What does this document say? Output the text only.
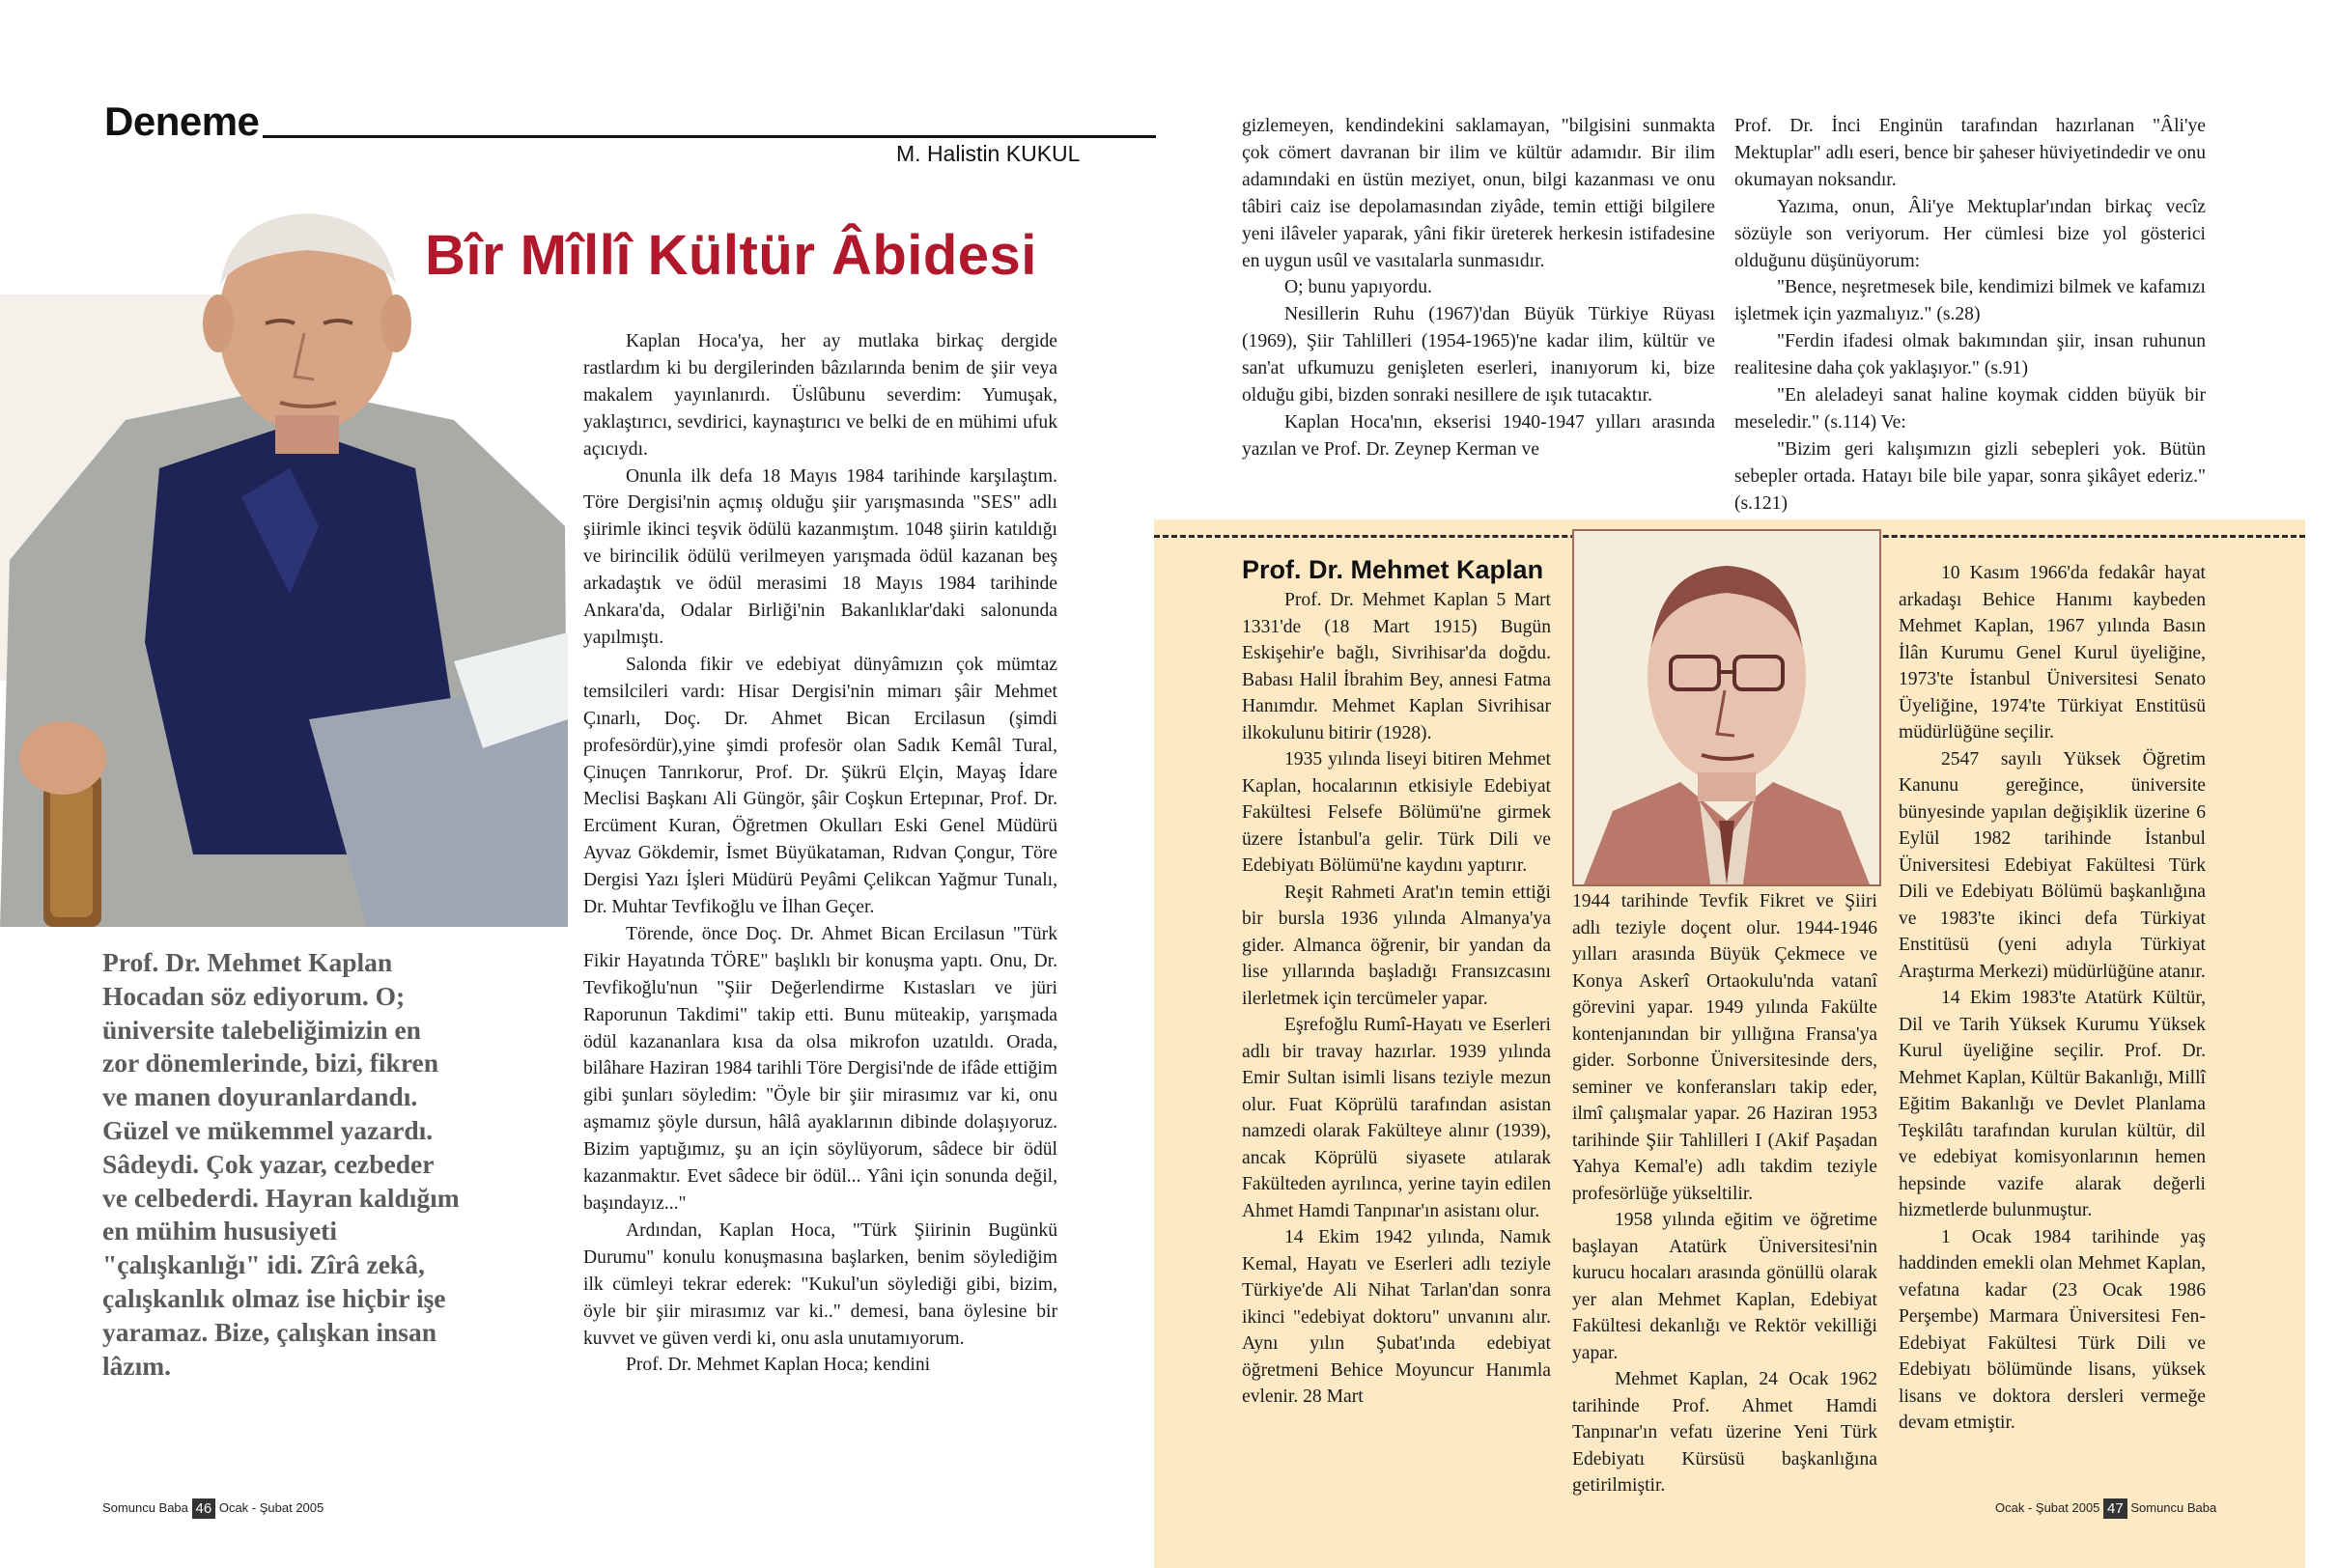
Deneme
M. Halistin KUKUL
Bîr Mîllî Kültür Âbidesi
Prof. Dr. Mehmet Kaplan Hocadan söz ediyorum. O; üniversite talebeliğimizin en zor dönemlerinde, bizi, fikren ve manen doyuranlardandı. Güzel ve mükemmel yazardı. Sâdeydi. Çok yazar, cezbeder ve celbederdi. Hayran kaldığım en mühim hususiyeti "çalışkanlığı" idi. Zîrâ zekâ, çalışkanlık olmaz ise hiçbir işe yaramaz. Bize, çalışkan insan lâzım.

Kaplan Hoca'ya, her ay mutlaka birkaç dergide rastlardım ki bu dergilerinden bâzılarında benim de şiir veya makalem yayınlanırdı. Üslûbunu severdim: Yumuşak, yaklaştırıcı, sevdirici, kaynaştırıcı ve belki de en mühimi ufuk açıcıydı.

Onunla ilk defa 18 Mayıs 1984 tarihinde karşılaştım. Töre Dergisi'nin açmış olduğu şiir yarışmasında "SES" adlı şiirimle ikinci teşvik ödülü kazanmıştım. 1048 şiirin katıldığı ve birincilik ödülü verilmeyen yarışmada ödül kazanan beş arkadaştık ve ödül merasimi 18 Mayıs 1984 tarihinde Ankara'da, Odalar Birliği'nin Bakanlıklar'daki salonunda yapılmıştı.

Salonda fikir ve edebiyat dünyâmızın çok mümtaz temsilcileri vardı: Hisar Dergisi'nin mimarı şâir Mehmet Çınarlı, Doç. Dr. Ahmet Bican Ercilasun (şimdi profesördür),yine şimdi profesör olan Sadık Kemâl Tural, Çinuçen Tanrıkorur, Prof. Dr. Şükrü Elçin, Mayaş İdare Meclisi Başkanı Ali Güngör, şâir Coşkun Ertepınar, Prof. Dr. Ercüment Kuran, Öğretmen Okulları Eski Genel Müdürü Ayvaz Gökdemir, İsmet Büyükataman, Rıdvan Çongur, Töre Dergisi Yazı İşleri Müdürü Peyâmi Çelikcan Yağmur Tunalı, Dr. Muhtar Tevfikoğlu ve İlhan Geçer.

Törende, önce Doç. Dr. Ahmet Bican Ercilasun "Türk Fikir Hayatında TÖRE" başlıklı bir konuşma yaptı. Onu, Dr. Tevfikoğlu'nun "Şiir Değerlendirme Kıstasları ve jüri Raporunun Takdimi" takip etti. Bunu müteakip, yarışmada ödül kazananlara kısa da olsa mikrofon uzatıldı. Orada, bilâhare Haziran 1984 tarihli Töre Dergisi'nde de ifâde ettiğim gibi şunları söyledim: "Öyle bir şiir mirasımız var ki, onu aşmamız şöyle dursun, hâlâ ayaklarının dibinde dolaşıyoruz. Bizim yaptığımız, şu an için söylüyorum, sâdece bir ödül kazanmaktır. Evet sâdece bir ödül... Yâni için sonunda değil, başındayız..."

Ardından, Kaplan Hoca, "Türk Şiirinin Bugünkü Durumu" konulu konuşmasına başlarken, benim söylediğim ilk cümleyi tekrar ederek: "Kukul'un söylediği gibi, bizim, öyle bir şiir mirasımız var ki.." demesi, bana öylesine bir kuvvet ve güven verdi ki, onu asla unutamıyorum.

Prof. Dr. Mehmet Kaplan Hoca; kendini

Somuncu Baba 46 Ocak - Şubat 2005

gizlemeyen, kendindekini saklamayan, "bilgisini sunmakta çok cömert davranan bir ilim ve kültür adamıdır. Bir ilim adamındaki en üstün meziyet, onun, bilgi kazanması ve onu tâbiri caiz ise depolamasından ziyâde, temin ettiği bilgilere yeni ilâveler yaparak, yâni fikir üreterek herkesin istifadesine en uygun usûl ve vasıtalarla sunmasıdır.

O; bunu yapıyordu.

Nesillerin Ruhu (1967)'dan Büyük Türkiye Rüyası (1969), Şiir Tahlilleri (1954-1965)'ne kadar ilim, kültür ve san'at ufkumuzu genişleten eserleri, inanıyorum ki, bize olduğu gibi, bizden sonraki nesillere de ışık tutacaktır.

Kaplan Hoca'nın, ekserisi 1940-1947 yılları arasında yazılan ve Prof. Dr. Zeynep Kerman ve

Prof. Dr. İnci Enginün tarafından hazırlanan "Âli'ye Mektuplar" adlı eseri, bence bir şaheser hüviyetindedir ve onu okumayan noksandır.

Yazıma, onun, Âli'ye Mektuplar'ından birkaç vecîz sözüyle son veriyorum. Her cümlesi bize yol gösterici olduğunu düşünüyorum:

"Bence, neşretmesek bile, kendimizi bilmek ve kafamızı işletmek için yazmalıyız." (s.28)

"Ferdin ifadesi olmak bakımından şiir, insan ruhunun realitesine daha çok yaklaşıyor." (s.91)

"En aleladeyi sanat haline koymak cidden büyük bir meseledir." (s.114) Ve:

"Bizim geri kalışımızın gizli sebepleri yok. Bütün sebepler ortada. Hatayı bile bile yapar, sonra şikâyet ederiz." (s.121)

Prof. Dr. Mehmet Kaplan

Prof. Dr. Mehmet Kaplan 5 Mart 1331'de (18 Mart 1915) Bugün Eskişehir'e bağlı, Sivrihisar'da doğdu. Babası Halil İbrahim Bey, annesi Fatma Hanımdır. Mehmet Kaplan Sivrihisar ilkokulunu bitirir (1928).

1935 yılında liseyi bitiren Mehmet Kaplan, hocalarının etkisiyle Edebiyat Fakültesi Felsefe Bölümü'ne girmek üzere İstanbul'a gelir. Türk Dili ve Edebiyatı Bölümü'ne kaydını yaptırır.

Reşit Rahmeti Arat'ın temin ettiği bir bursla 1936 yılında Almanya'ya gider. Almanca öğrenir, bir yandan da lise yıllarında başladığı Fransızcasını ilerletmek için tercümeler yapar.

Eşrefoğlu Rumî-Hayatı ve Eserleri adlı bir travay hazırlar. 1939 yılında Emir Sultan isimli lisans teziyle mezun olur. Fuat Köprülü tarafından asistan namzedi olarak Fakülteye alınır (1939), ancak Köprülü siyasete atılarak Fakülteden ayrılınca, yerine tayin edilen Ahmet Hamdi Tanpınar'ın asistanı olur.

14 Ekim 1942 yılında, Namık Kemal, Hayatı ve Eserleri adlı teziyle Türkiye'de Ali Nihat Tarlan'dan sonra ikinci "edebiyat doktoru" unvanını alır. Aynı yılın Şubat'ında edebiyat öğretmeni Behice Moyuncur Hanımla evlenir. 28 Mart

1944 tarihinde Tevfik Fikret ve Şiiri adlı teziyle doçent olur. 1944-1946 yılları arasında Büyük Çekmece ve Konya Askerî Ortaokulu'nda vatanî görevini yapar. 1949 yılında Fakülte kontenjanından bir yıllığına Fransa'ya gider. Sorbonne Üniversitesinde ders, seminer ve konferansları takip eder, ilmî çalışmalar yapar. 26 Haziran 1953 tarihinde Şiir Tahlilleri I (Akif Paşadan Yahya Kemal'e) adlı takdim teziyle profesörlüğe yükseltilir.

1958 yılında eğitim ve öğretime başlayan Atatürk Üniversitesi'nin kurucu hocaları arasında gönüllü olarak yer alan Mehmet Kaplan, Edebiyat Fakültesi dekanlığı ve Rektör vekilliği yapar.

Mehmet Kaplan, 24 Ocak 1962 tarihinde Prof. Ahmet Hamdi Tanpınar'ın vefatı üzerine Yeni Türk Edebiyatı Kürsüsü başkanlığına getirilmiştir.

10 Kasım 1966'da fedakâr hayat arkadaşı Behice Hanımı kaybeden Mehmet Kaplan, 1967 yılında Basın İlân Kurumu Genel Kurul üyeliğine, 1973'te İstanbul Üniversitesi Senato Üyeliğine, 1974'te Türkiyat Enstitüsü müdürlüğüne seçilir.

2547 sayılı Yüksek Öğretim Kanunu gereğince, üniversite bünyesinde yapılan değişiklik üzerine 6 Eylül 1982 tarihinde İstanbul Üniversitesi Edebiyat Fakültesi Türk Dili ve Edebiyatı Bölümü başkanlığına ve 1983'te ikinci defa Türkiyat Enstitüsü (yeni adıyla Türkiyat Araştırma Merkezi) müdürlüğüne atanır.

14 Ekim 1983'te Atatürk Kültür, Dil ve Tarih Yüksek Kurumu Yüksek Kurul üyeliğine seçilir. Prof. Dr. Mehmet Kaplan, Kültür Bakanlığı, Millî Eğitim Bakanlığı ve Devlet Planlama Teşkilâtı tarafından kurulan kültür, dil ve edebiyat komisyonlarının hemen hepsinde vazife alarak değerli hizmetlerde bulunmuştur.

1 Ocak 1984 tarihinde yaş haddinden emekli olan Mehmet Kaplan, vefatına kadar (23 Ocak 1986 Perşembe) Marmara Üniversitesi Fen-Edebiyat Fakültesi Türk Dili ve Edebiyatı bölümünde lisans, yüksek lisans ve doktora dersleri vermeğe devam etmiştir.

Ocak - Şubat 2005 47 Somuncu Baba
